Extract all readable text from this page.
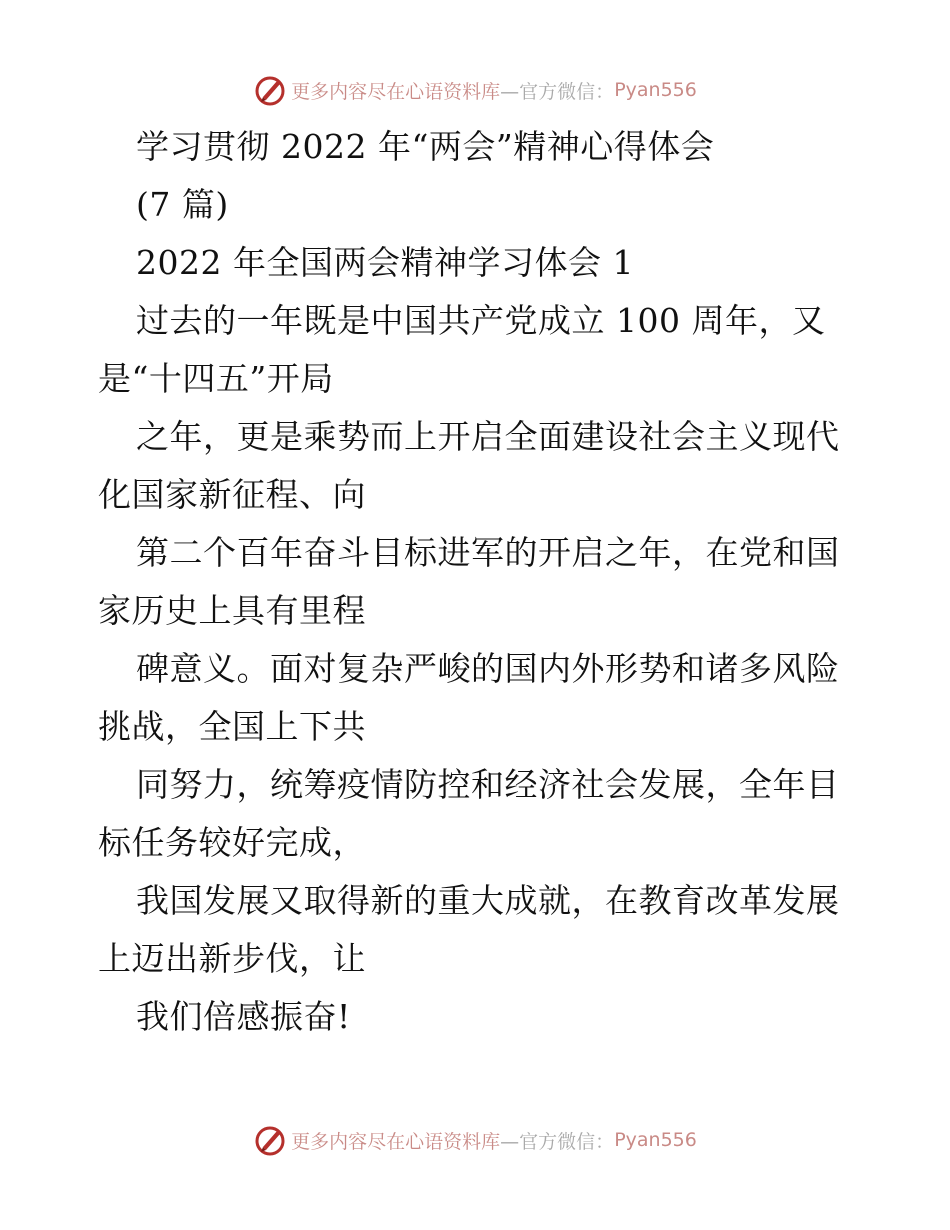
更多内容尽在心语资料库 —官方微信： Pyan556
学习贯彻 2022 年“两会”精神心得体会
(7 篇)
2022 年全国两会精神学习体会 1
过去的一年既是中国共产党成立 100 周年，又
是“十四五”开局
之年，更是乘势而上开启全面建设社会主义现代
化国家新征程、向
第二个百年奋斗目标进军的开启之年，在党和国
家历史上具有里程
碑意义。面对复杂严峻的国内外形势和诸多风险
挑战，全国上下共
同努力，统筹疫情防控和经济社会发展，全年目
标任务较好完成，
我国发展又取得新的重大成就，在教育改革发展
上迈出新步伐，让
我们倍感振奋!
更多内容尽在心语资料库 —官方微信： Pyan556
